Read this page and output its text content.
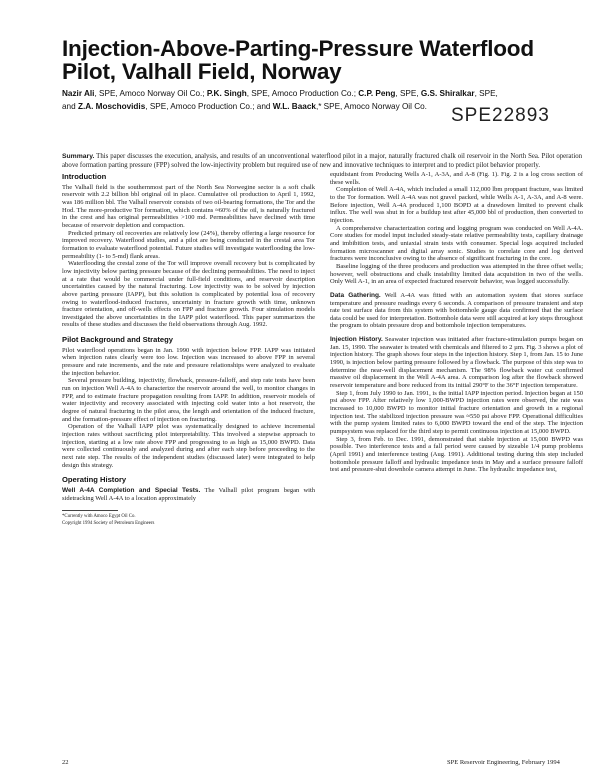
Injection-Above-Parting-Pressure Waterflood Pilot, Valhall Field, Norway
Nazir Ali, SPE, Amoco Norway Oil Co.; P.K. Singh, SPE, Amoco Production Co.; C.P. Peng, SPE, G.S. Shiralkar, SPE,
and Z.A. Moschovidis, SPE, Amoco Production Co.; and W.L. Baack,* SPE, Amoco Norway Oil Co.	SPE22893
Summary. This paper discusses the execution, analysis, and results of an unconventional waterflood pilot in a major, naturally fractured chalk oil reservoir in the North Sea. Pilot operation above formation parting pressure (FPP) solved the low-injectivity problem but required use of new and innovative techniques to interpret and to predict pilot behavior properly.
Introduction

The Valhall field is the southernmost part of the North Sea Norwegine sector is a soft chalk reservoir with 2.2 billion bbl original oil in place. Cumulative oil production to April 1, 1992, was 186 million bbl. The Valhall reservoir consists of two oil-bearing formations, the Tor and the Hod. The more-productive Tor formation, which contains ≈60% of the oil, is naturally fractured in the crest and has original permeabilities >100 md. Permeabilities have declined with time because of reservoir depletion and compaction.

Predicted primary oil recoveries are relatively low (24%), thereby offering a large resource for improved recovery. Waterflood studies, and a pilot are being conducted in the crestal area Tor formation to evaluate waterflood potential. Future studies will investigate waterflooding the low-permeability (1- to 5-md) flank areas.

Waterflooding the crestal zone of the Tor will improve overall recovery but is complicated by low injectivity below parting pressure because of the declining permeabilities. The need to inject at a rate that would be commercial under full-field conditions, and reservoir description uncertainties caused by the natural fracturing. Low injectivity was to be solved by injection above parting pressure (IAPP), but this solution is complicated by potential loss of recovery owing to waterflood-induced fractures, uncertainty in fracture growth with time, unknown fracture orientation, and off-wells effects on FPP and fracture growth. Four simulation models investigated the above uncertainties in the IAPP pilot waterflood. This paper summarizes the results of these studies and discusses the field observations through Aug. 1992.

Pilot Background and Strategy

Pilot waterflood operations began in Jan. 1990 with injection below FPP. IAPP was initiated when injection rates clearly were too low. Injection was increased to above FPP in several pressure and rate increments, and the rate and pressure relationships were analyzed to evaluate the injection behavior.

Several pressure building, injectivity, flowback, pressure-falloff, and step rate tests have been run on injection Well A-4A to characterize the reservoir around the well, to monitor changes in FPP, and to estimate fracture propagation resulting from IAPP. In addition, reservoir models of water injectivity and recovery associated with injecting cold water into a hot reservoir, the degree of natural fracturing in the pilot area, the length and orientation of the induced fracture, and the formation-pressure effect of injection on fracturing.

Operation of the Valhall IAPP pilot was systematically designed to achieve incremental injection rates without sacrificing pilot interpretability. This involved a stepwise approach to injection, starting at a low rate above FPP and progressing to as high as 15,000 BWPD. Data were collected continuously and analyzed during and after each step before proceeding to the next rate step. The results of the independent studies (discussed later) were integrated to help design this strategy.

Operating History

Well A-4A Completion and Special Tests. The Valhall pilot program began with sidetracking Well A-4A to a location approximately

*Currently with Amoco Egypt Oil Co.

Copyright 1994 Society of Petroleum Engineers

equidistant from Producing Wells A-1, A-3A, and A-8 (Fig. 1). Fig. 2 is a log cross section of these wells.

Completion of Well A-4A, which included a small 112,000 lbm proppant fracture, was limited to the Tor formation. Well A-4A was not gravel packed, while Wells A-1, A-3A, and A-8 were. Before injection, Well A-4A produced 1,100 BOPD at a drawdown limited to prevent chalk influx. The well was shut in for a buildup test after 45,000 bbl of production, then converted to injection.

A comprehensive characterization coring and logging program was conducted on Well A-4A. Core studies for model input included steady-state relative permeability tests, capillary drainage and imbibition tests, and uniaxial strain tests with consumer. Special logs acquired included formation microscanner and digital array sonic. Studies to correlate core and log derived fractures were inconclusive owing to the absence of significant fracturing in the core.

Baseline logging of the three producers and production was attempted in the three offset wells; however, well obstructions and chalk instability limited data acquisition in two of the wells. Only Well A-1, in an area of expected fractured reservoir behavior, was logged successfully.

Data Gathering. Well A-4A was fitted with an automation system that stores surface temperature and pressure readings every 6 seconds. A comparison of pressure transient and step rate test surface data from this system with bottomhole gauge data confirmed that the surface data could be used for interpretation. Bottomhole data were still acquired at key steps throughout the program to obtain pressure drop and bottomhole injection temperatures.

Injection History. Seawater injection was initiated after fracture-stimulation pumps began on Jan. 15, 1990. The seawater is treated with chemicals and filtered to 2 µm. Fig. 3 shows a plot of injection history. The graph shows four steps in the injection history. Step 1, from Jan. 15 to June 1990, is injection below parting pressure followed by a flowback. The purpose of this step was to determine the near-well displacement mechanism. The 98% flowback water cut confirmed massive oil displacement in the Well A-4A area. A comparison log after the flowback showed reservoir temperature and bore reduced from its initial 290°F to the 36°F injection temperature.

Step 1, from July 1990 to Jan. 1991, is the initial IAPP injection period. Injection began at 150 psi above FPP. After relatively low 1,000-BWPD injection rates were observed, the rate was increased to 10,000 BWPD to monitor initial fracture orientation and growth in a regional injection test. The stabilized injection pressure was ≈550 psi above FPP. Operational difficulties with the pump system limited rates to 6,000 BWPD toward the end of the step. The injection pumpsystem was replaced for the third step to permit continuous injection at 15,000 BWPD.

Step 3, from Feb. to Dec. 1991, demonstrated that stable injection at 15,000 BWPD was possible. Two interference tests and a fall period were caused by sizeable 1/4 pump problems (April 1991) and interference testing (Aug. 1991). Additional testing during this step included bottomhole pressure falloff and hydraulic impedance tests in May and a surface pressure falloff test and pressure-shut downhole camera attempt in June. The hydraulic impedance test,

22	SPE Reservoir Engineering, February 1994
